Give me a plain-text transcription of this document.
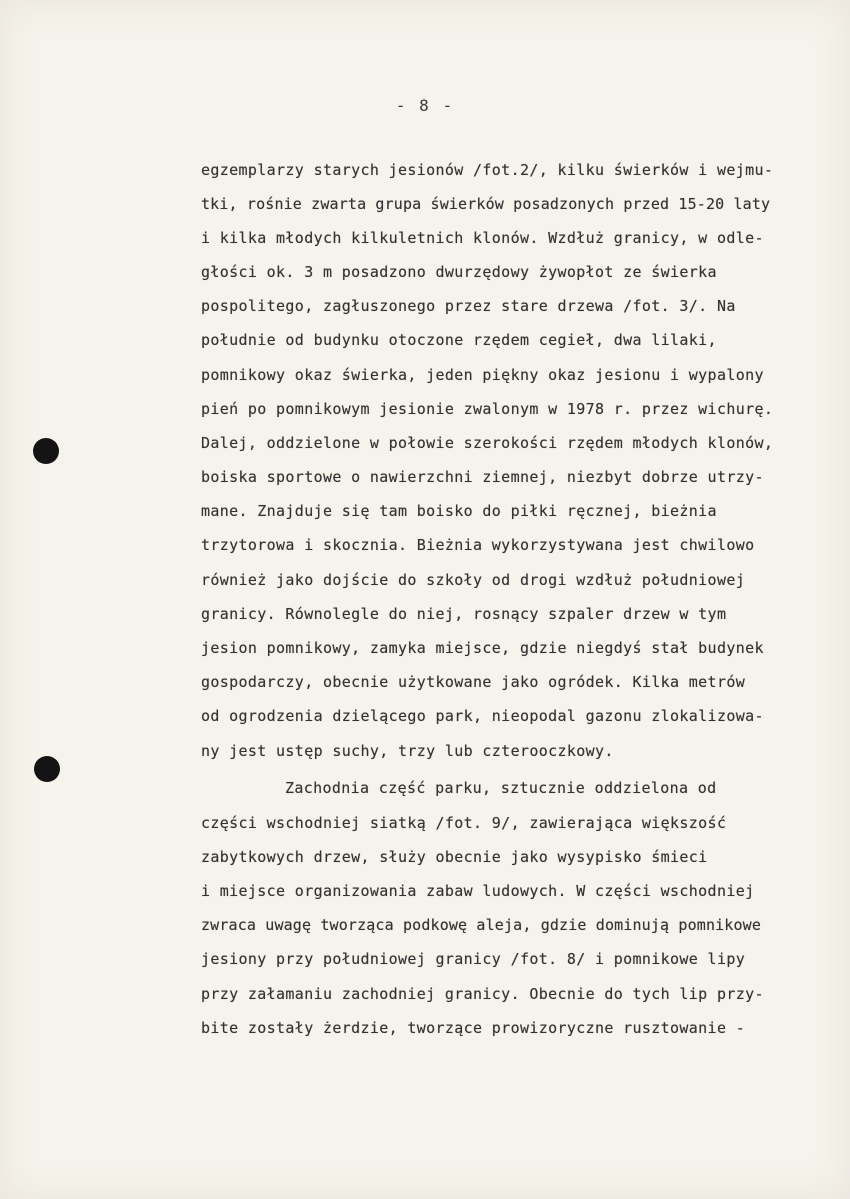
- 8 -
egzemplarzy starych jesionów /fot.2/, kilku świerków i wejmu-
tki, rośnie zwarta grupa świerków posadzonych przed 15-20 laty
i kilka młodych kilkuletnich klonów. Wzdłuż granicy, w odle-
głości ok. 3 m posadzono dwurzędowy żywopłot ze świerka
pospolitego, zagłuszonego przez stare drzewa /fot. 3/. Na
południe od budynku otoczone rzędem cegieł, dwa lilaki,
pomnikowy okaz świerka, jeden piękny okaz jesionu i wypalony
pień po pomnikowym jesionie zwalonym w 1978 r. przez wichurę.
Dalej, oddzielone w połowie szerokości rzędem młodych klonów,
boiska sportowe o nawierzchni ziemnej, niezbyt dobrze utrzy-
mane. Znajduje się tam boisko do piłki ręcznej, bieżnia
trzytorowa i skocznia. Bieżnia wykorzystywana jest chwilowo
również jako dojście do szkoły od drogi wzdłuż południowej
granicy. Równolegle do niej, rosnący szpaler drzew w tym
jesion pomnikowy, zamyka miejsce, gdzie niegdyś stał budynek
gospodarczy, obecnie użytkowane jako ogródek. Kilka metrów
od ogrodzenia dzielącego park, nieopodal gazonu zlokalizowa-
ny jest ustęp suchy, trzy lub czterooczkowy.
Zachodnia część parku, sztucznie oddzielona od
części wschodniej siatką /fot. 9/, zawierająca większość
zabytkowych drzew, służy obecnie jako wysypisko śmieci
i miejsce organizowania zabaw ludowych. W części wschodniej
zwraca uwagę tworząca podkowę aleja, gdzie dominują pomnikowe
jesiony przy południowej granicy /fot. 8/ i pomnikowe lipy
przy załamaniu zachodniej granicy. Obecnie do tych lip przy-
bite zostały żerdzie, tworzące prowizoryczne rusztowanie -
